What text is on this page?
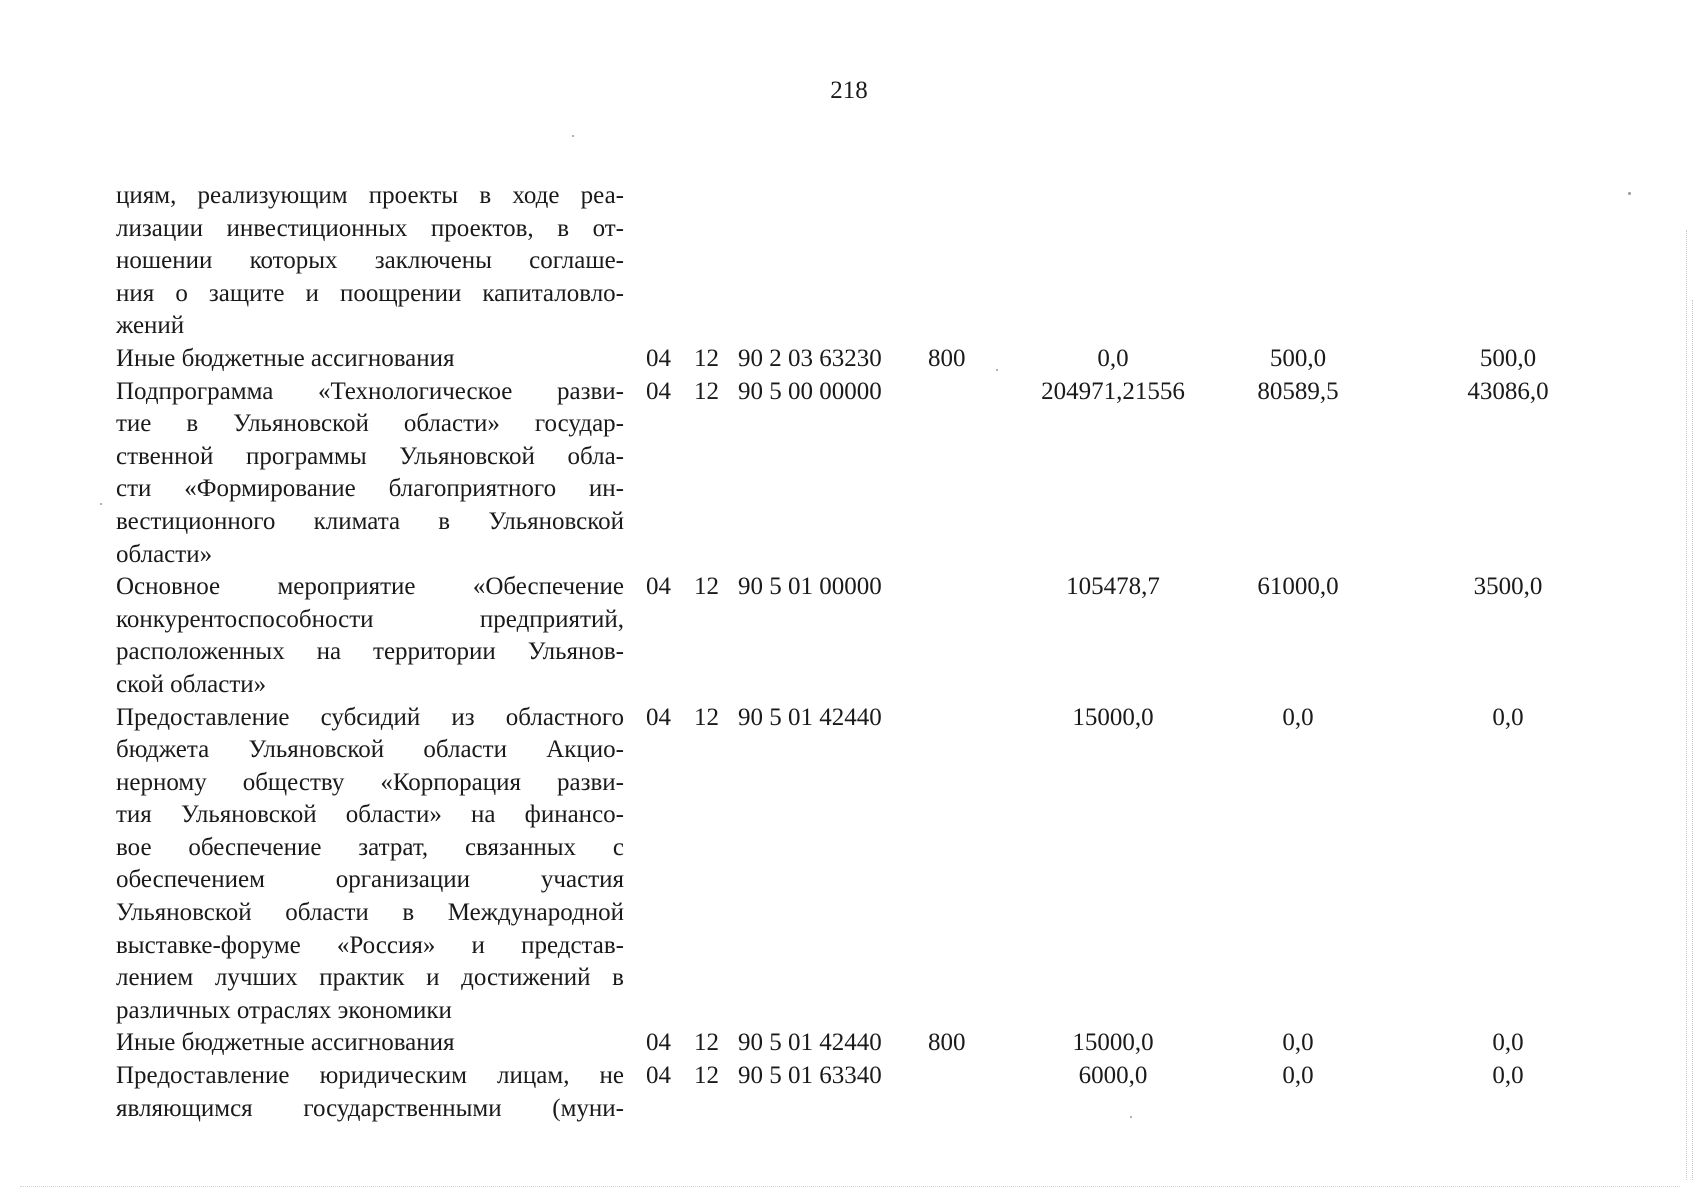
218
циям, реализующим проекты в ходе реа-
лизации инвестиционных проектов, в от-
ношении которых заключены соглаше-
ния о защите и поощрении капиталовло-
жений
Иные бюджетные ассигнования	04 12 90 2 03 63230 800	0,0	500,0	500,0
Подпрограмма «Технологическое разви-
тие в Ульяновской области» государ-
ственной программы Ульяновской обла-
сти «Формирование благоприятного ин-
вестиционного климата в Ульяновской
области»
04 12 90 5 00 00000	204971,21556	80589,5	43086,0
Основное мероприятие «Обеспечение
конкурентоспособности предприятий,
расположенных на территории Ульянов-
ской области»
04 12 90 5 01 00000	105478,7	61000,0	3500,0
Предоставление субсидий из областного
бюджета Ульяновской области Акцио-
нерному обществу «Корпорация разви-
тия Ульяновской области» на финансо-
вое обеспечение затрат, связанных с
обеспечением организации участия
Ульяновской области в Международной
выставке-форуме «Россия» и представ-
лением лучших практик и достижений в
различных отраслях экономики
04 12 90 5 01 42440	15000,0	0,0	0,0
Иные бюджетные ассигнования	04 12 90 5 01 42440 800	15000,0	0,0	0,0
Предоставление юридическим лицам, не
являющимся государственными (муни-
04 12 90 5 01 63340	6000,0	0,0	0,0
